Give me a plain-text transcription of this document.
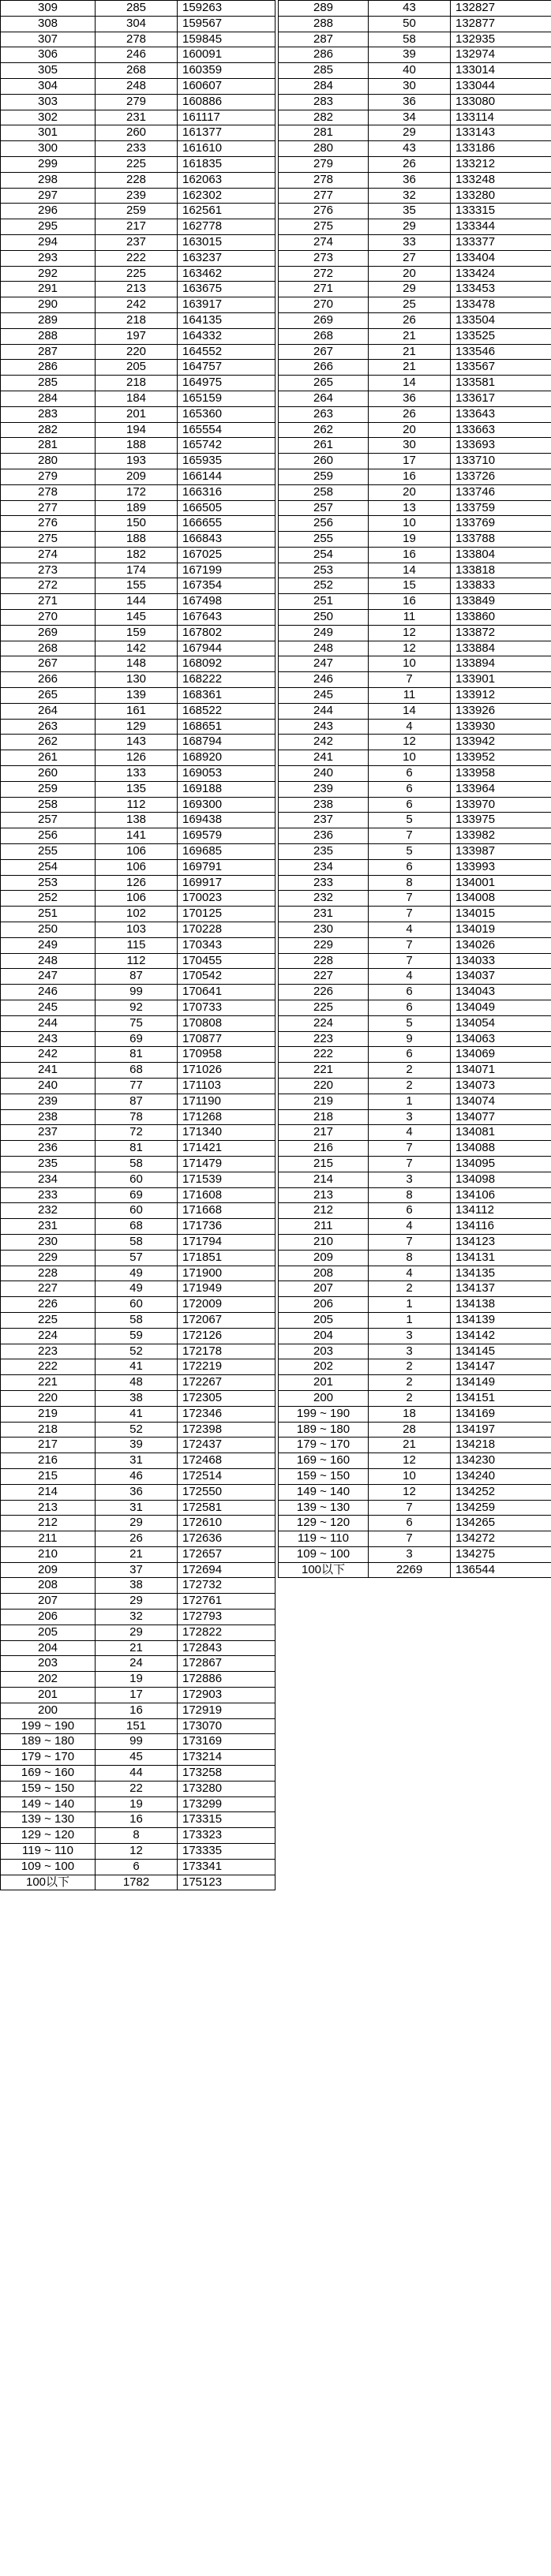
309	285	159263
308	304	159567
307	278	159845
306	246	160091
305	268	160359
304	248	160607
303	279	160886
302	231	161117
301	260	161377
300	233	161610
299	225	161835
298	228	162063
297	239	162302
296	259	162561
295	217	162778
294	237	163015
293	222	163237
292	225	163462
291	213	163675
290	242	163917
289	218	164135
288	197	164332
287	220	164552
286	205	164757
285	218	164975
284	184	165159
283	201	165360
282	194	165554
281	188	165742
280	193	165935
279	209	166144
278	172	166316
277	189	166505
276	150	166655
275	188	166843
274	182	167025
273	174	167199
272	155	167354
271	144	167498
270	145	167643
269	159	167802
268	142	167944
267	148	168092
266	130	168222
265	139	168361
264	161	168522
263	129	168651
262	143	168794
261	126	168920
260	133	169053
259	135	169188
258	112	169300
257	138	169438
256	141	169579
255	106	169685
254	106	169791
253	126	169917
252	106	170023
251	102	170125
250	103	170228
249	115	170343
248	112	170455
247	87	170542
246	99	170641
245	92	170733
244	75	170808
243	69	170877
242	81	170958
241	68	171026
240	77	171103
239	87	171190
238	78	171268
237	72	171340
236	81	171421
235	58	171479
234	60	171539
233	69	171608
232	60	171668
231	68	171736
230	58	171794
229	57	171851
228	49	171900
227	49	171949
226	60	172009
225	58	172067
224	59	172126
223	52	172178
222	41	172219
221	48	172267
220	38	172305
219	41	172346
218	52	172398
217	39	172437
216	31	172468
215	46	172514
214	36	172550
213	31	172581
212	29	172610
211	26	172636
210	21	172657
209	37	172694
208	38	172732
207	29	172761
206	32	172793
205	29	172822
204	21	172843
203	24	172867
202	19	172886
201	17	172903
200	16	172919
199 ~ 190	151	173070
189 ~ 180	99	173169
179 ~ 170	45	173214
169 ~ 160	44	173258
159 ~ 150	22	173280
149 ~ 140	19	173299
139 ~ 130	16	173315
129 ~ 120	8	173323
119 ~ 110	12	173335
109 ~ 100	6	173341
100以下	1782	175123
289	43	132827
288	50	132877
287	58	132935
286	39	132974
285	40	133014
284	30	133044
283	36	133080
282	34	133114
281	29	133143
280	43	133186
279	26	133212
278	36	133248
277	32	133280
276	35	133315
275	29	133344
274	33	133377
273	27	133404
272	20	133424
271	29	133453
270	25	133478
269	26	133504
268	21	133525
267	21	133546
266	21	133567
265	14	133581
264	36	133617
263	26	133643
262	20	133663
261	30	133693
260	17	133710
259	16	133726
258	20	133746
257	13	133759
256	10	133769
255	19	133788
254	16	133804
253	14	133818
252	15	133833
251	16	133849
250	11	133860
249	12	133872
248	12	133884
247	10	133894
246	7	133901
245	11	133912
244	14	133926
243	4	133930
242	12	133942
241	10	133952
240	6	133958
239	6	133964
238	6	133970
237	5	133975
236	7	133982
235	5	133987
234	6	133993
233	8	134001
232	7	134008
231	7	134015
230	4	134019
229	7	134026
228	7	134033
227	4	134037
226	6	134043
225	6	134049
224	5	134054
223	9	134063
222	6	134069
221	2	134071
220	2	134073
219	1	134074
218	3	134077
217	4	134081
216	7	134088
215	7	134095
214	3	134098
213	8	134106
212	6	134112
211	4	134116
210	7	134123
209	8	134131
208	4	134135
207	2	134137
206	1	134138
205	1	134139
204	3	134142
203	3	134145
202	2	134147
201	2	134149
200	2	134151
199 ~ 190	18	134169
189 ~ 180	28	134197
179 ~ 170	21	134218
169 ~ 160	12	134230
159 ~ 150	10	134240
149 ~ 140	12	134252
139 ~ 130	7	134259
129 ~ 120	6	134265
119 ~ 110	7	134272
109 ~ 100	3	134275
100以下	2269	136544
